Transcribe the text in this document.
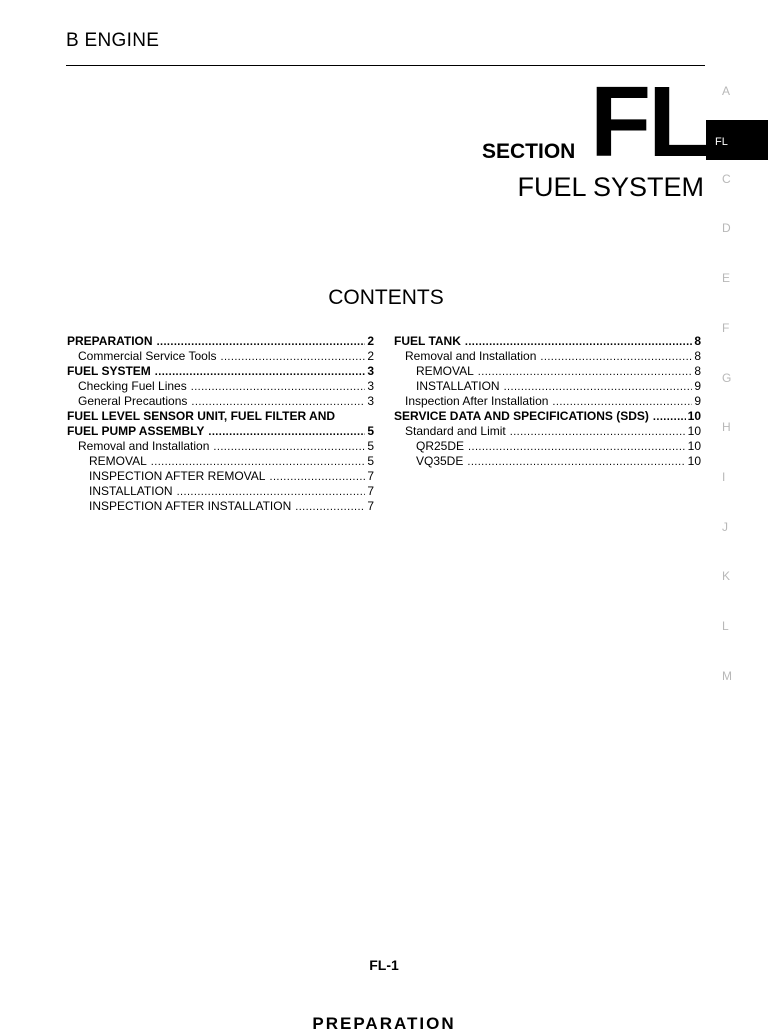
B ENGINE
SECTION FL
FUEL SYSTEM
A
FL
C
D
E
F
G
H
I
J
K
L
M
CONTENTS
PREPARATION .....	2
Commercial Service Tools .....	2
FUEL SYSTEM .....	3
Checking Fuel Lines .....	3
General Precautions .....	3
FUEL LEVEL SENSOR UNIT, FUEL FILTER AND
FUEL PUMP ASSEMBLY .....	5
Removal and Installation .....	5
REMOVAL .....	5
INSPECTION AFTER REMOVAL .....	7
INSTALLATION .....	7
INSPECTION AFTER INSTALLATION .....	7
FUEL TANK .....	8
Removal and Installation .....	8
REMOVAL .....	8
INSTALLATION .....	9
Inspection After Installation .....	9
SERVICE DATA AND SPECIFICATIONS (SDS) .....	10
Standard and Limit .....	10
QR25DE .....	10
VQ35DE .....	10
FL-1
PREPARATION
